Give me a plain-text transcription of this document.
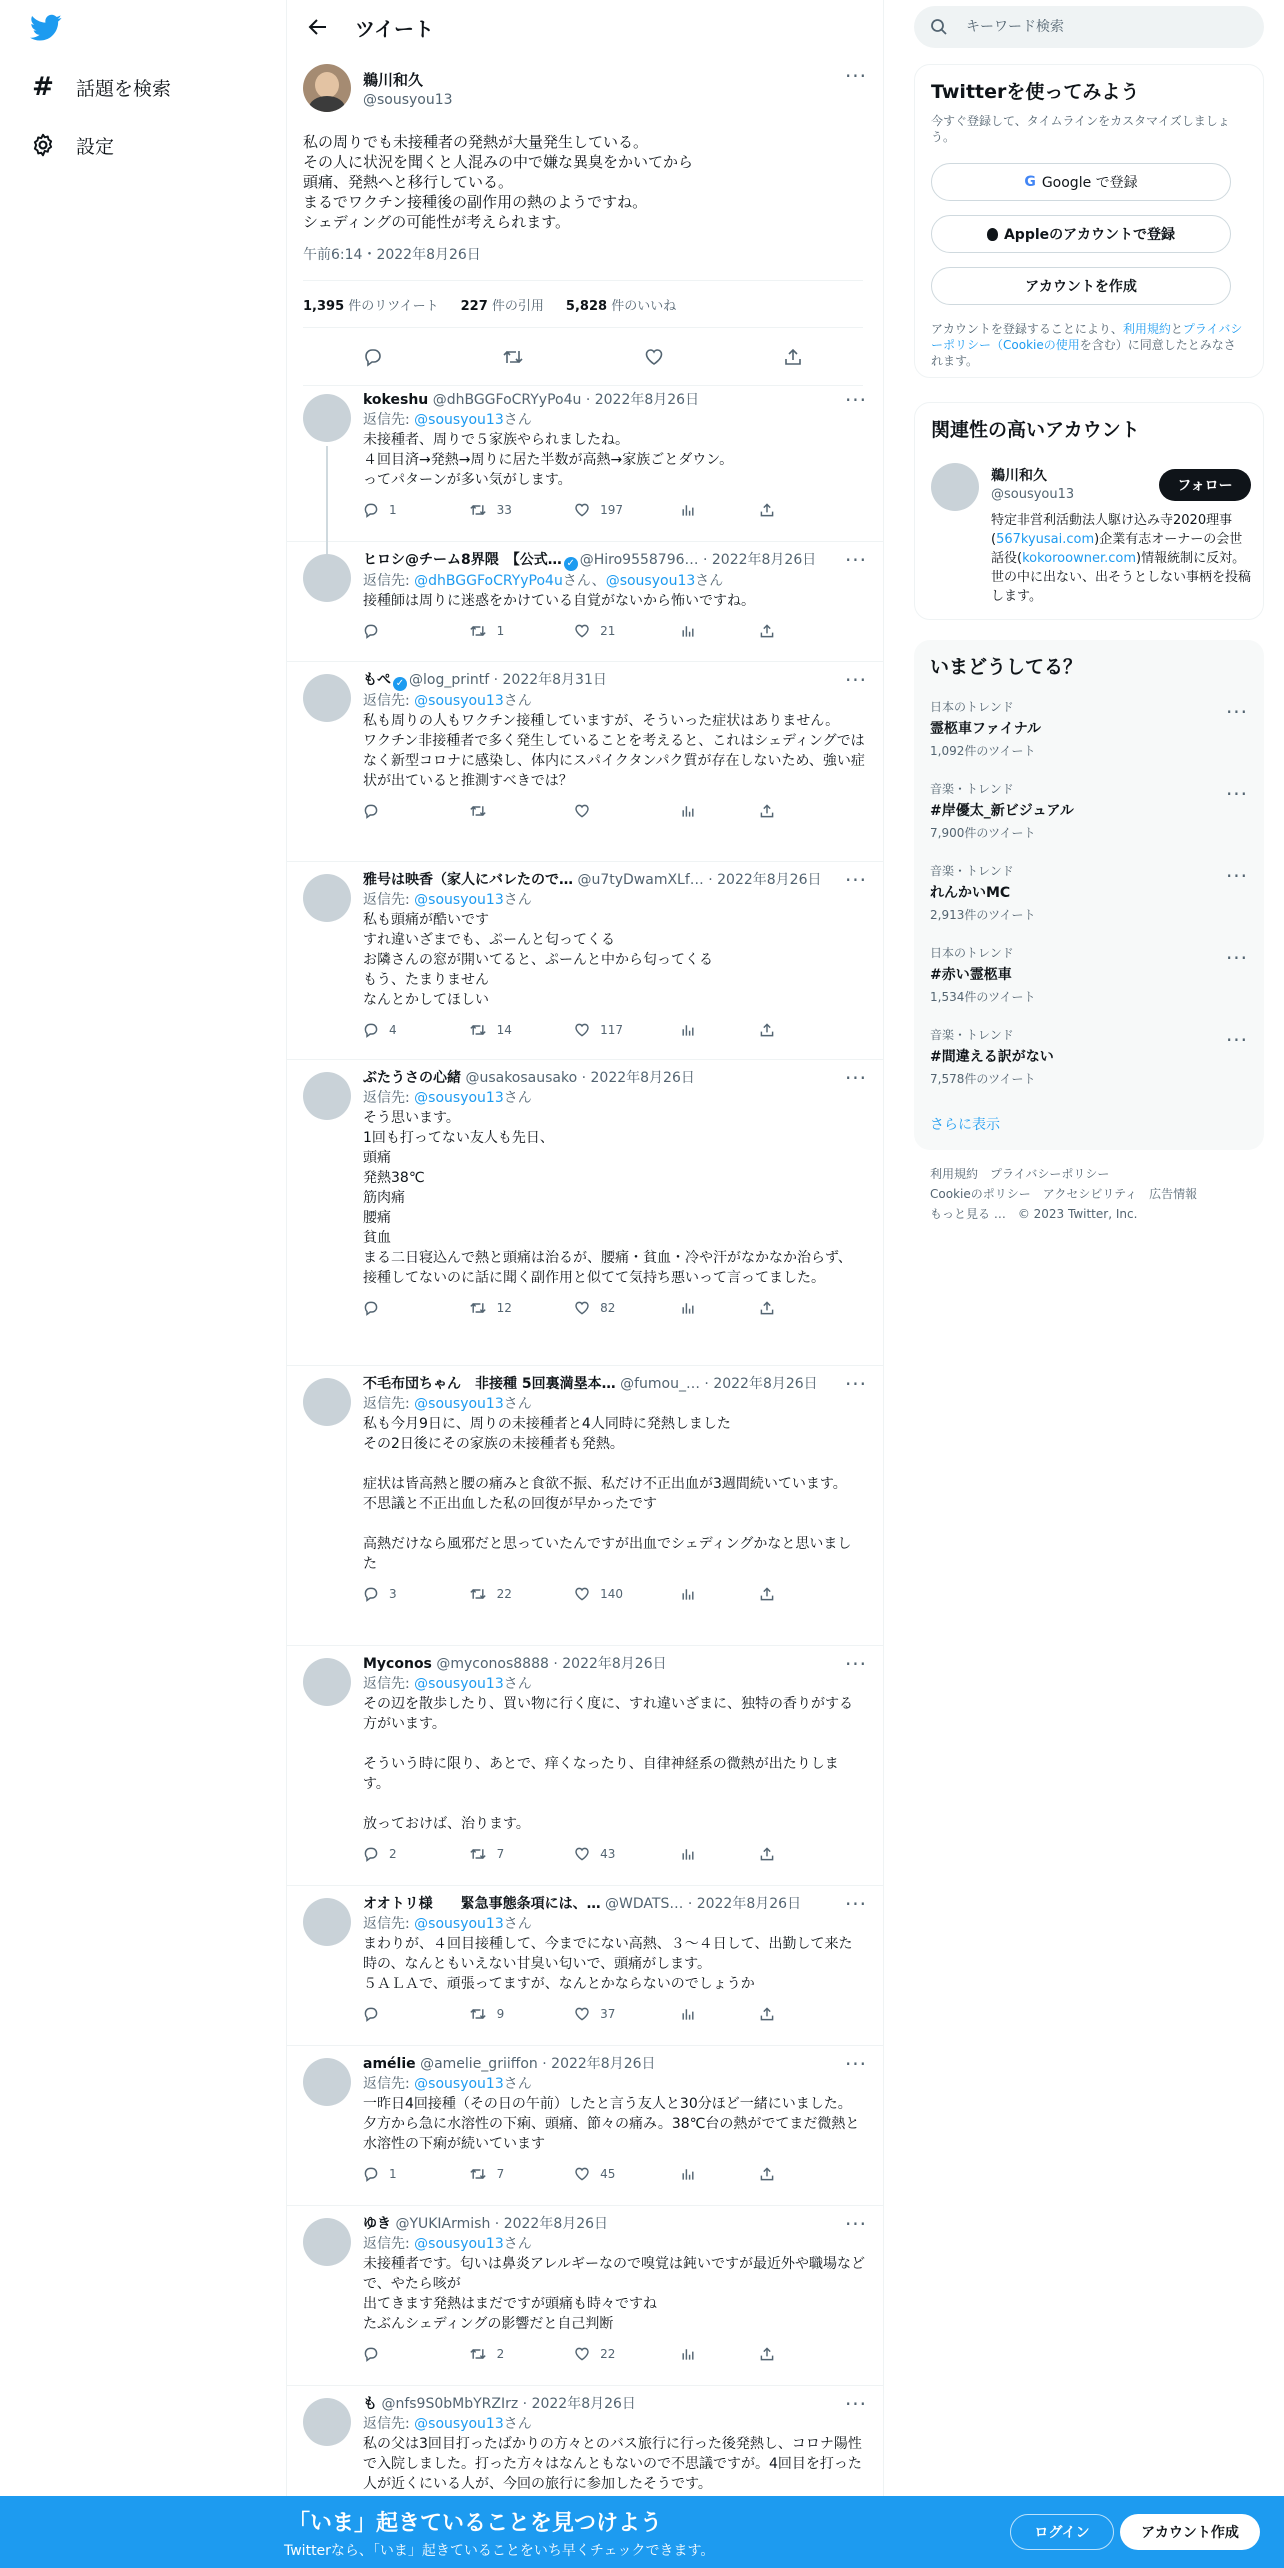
# 話題を検索
設定
ツイート
鵜川和久
@sousyou13
···
私の周りでも未接種者の発熱が大量発生している。
その人に状況を聞くと人混みの中で嫌な異臭をかいてから
頭痛、発熱へと移行している。
まるでワクチン接種後の副作用の熱のようですね。
シェディングの可能性が考えられます。
午前6:14・2022年8月26日
1,395 件のリツイート 227 件の引用 5,828 件のいいね
kokeshu @dhBGGFoCRYyPo4u · 2022年8月26日
返信先: @sousyou13さん
未接種者、周りで５家族やられましたね。
４回目済→発熱→周りに居た半数が高熱→家族ごとダウン。
ってパターンが多い気がします。
1	33	197
···
ヒロシ@チーム8界隈　【公式… ✓ @Hiro9558796… · 2022年8月26日
返信先: @dhBGGFoCRYyPo4uさん、@sousyou13さん
接種師は周りに迷惑をかけている自覚がないから怖いですね。
1	21
···
もぺ ✓ @log_printf · 2022年8月31日
返信先: @sousyou13さん
私も周りの人もワクチン接種していますが、そういった症状はありません。
ワクチン非接種者で多く発生していることを考えると、これはシェディングではなく新型コロナに感染し、体内にスパイクタンパク質が存在しないため、強い症状が出ていると推測すべきでは？
···
雅号は映香（家人にバレたので… @u7tyDwamXLf… · 2022年8月26日
返信先: @sousyou13さん
私も頭痛が酷いです
すれ違いざまでも、ぷーんと匂ってくる
お隣さんの窓が開いてると、ぷーんと中から匂ってくる
もう、たまりません
なんとかしてほしい
4	14	117
···
ぶたうさの心緒 @usakosausako · 2022年8月26日
返信先: @sousyou13さん
そう思います。
1回も打ってない友人も先日、
頭痛
発熱38℃
筋肉痛
腰痛
貧血
まる二日寝込んで熱と頭痛は治るが、腰痛・貧血・冷や汗がなかなか治らず、接種してないのに話に聞く副作用と似てて気持ち悪いって言ってました。
12	82
···
不毛布団ちゃん　非接種 5回裏満塁本… @fumou_… · 2022年8月26日
返信先: @sousyou13さん
私も今月9日に、周りの未接種者と4人同時に発熱しました
その2日後にその家族の未接種者も発熱。

症状は皆高熱と腰の痛みと食欲不振、私だけ不正出血が3週間続いています。
不思議と不正出血した私の回復が早かったです

高熱だけなら風邪だと思っていたんですが出血でシェディングかなと思いました
3	22	140
···
Myconos @myconos8888 · 2022年8月26日
返信先: @sousyou13さん
その辺を散歩したり、買い物に行く度に、すれ違いざまに、独特の香りがする方がいます。

そういう時に限り、あとで、痒くなったり、自律神経系の微熱が出たりします。

放っておけば、治ります。
2	7	43
···
オオトリ様　　緊急事態条項には、… @WDATS… · 2022年8月26日
返信先: @sousyou13さん
まわりが、４回目接種して、今までにない高熱、３〜４日して、出勤して来た時の、なんともいえない甘臭い匂いで、頭痛がします。
５ＡＬＡで、頑張ってますが、なんとかならないのでしょうか
9	37
···
amélie @amelie_griiffon · 2022年8月26日
返信先: @sousyou13さん
一昨日4回接種（その日の午前）したと言う友人と30分ほど一緒にいました。夕方から急に水溶性の下痢、頭痛、節々の痛み。38℃台の熱がでてまだ微熱と水溶性の下痢が続いています
1	7	45
···
ゆき @YUKIArmish · 2022年8月26日
返信先: @sousyou13さん
未接種者です。匂いは鼻炎アレルギーなので嗅覚は鈍いですが最近外や職場などで、やたら咳が
出てきます発熱はまだですが頭痛も時々ですね
たぶんシェディングの影響だと自己判断
2	22
···
も @nfs9S0bMbYRZIrz · 2022年8月26日
返信先: @sousyou13さん
私の父は3回目打ったばかりの方々とのバス旅行に行った後発熱し、コロナ陽性で入院しました。打った方々はなんともないので不思議ですが。4回目を打った人が近くにいる人が、今回の旅行に参加したそうです。
···
キーワード検索
Twitterを使ってみよう
今すぐ登録して、タイムラインをカスタマイズしましょう。
G Google で登録
Appleのアカウントで登録
アカウントを作成
アカウントを登録することにより、利用規約とプライバシーポリシー（Cookieの使用を含む）に同意したとみなされます。
関連性の高いアカウント
鵜川和久
@sousyou13
フォロー
特定非営利活動法人駆け込み寺2020理事(567kyusai.com)企業有志オーナーの会世話役(kokoroowner.com)情報統制に反対。世の中に出ない、出そうとしない事柄を投稿します。
いまどうしてる？
日本のトレンド
霊柩車ファイナル
1,092件のツイート
···
音楽・トレンド
#岸優太_新ビジュアル
7,900件のツイート
···
音楽・トレンド
れんかいMC
2,913件のツイート
···
日本のトレンド
#赤い霊柩車
1,534件のツイート
···
音楽・トレンド
#間違える訳がない
7,578件のツイート
···
さらに表示
利用規約　プライバシーポリシー
Cookieのポリシー　アクセシビリティ　広告情報
もっと見る …　© 2023 Twitter, Inc.
「いま」起きていることを見つけよう
Twitterなら、「いま」起きていることをいち早くチェックできます。
ログイン	アカウント作成
